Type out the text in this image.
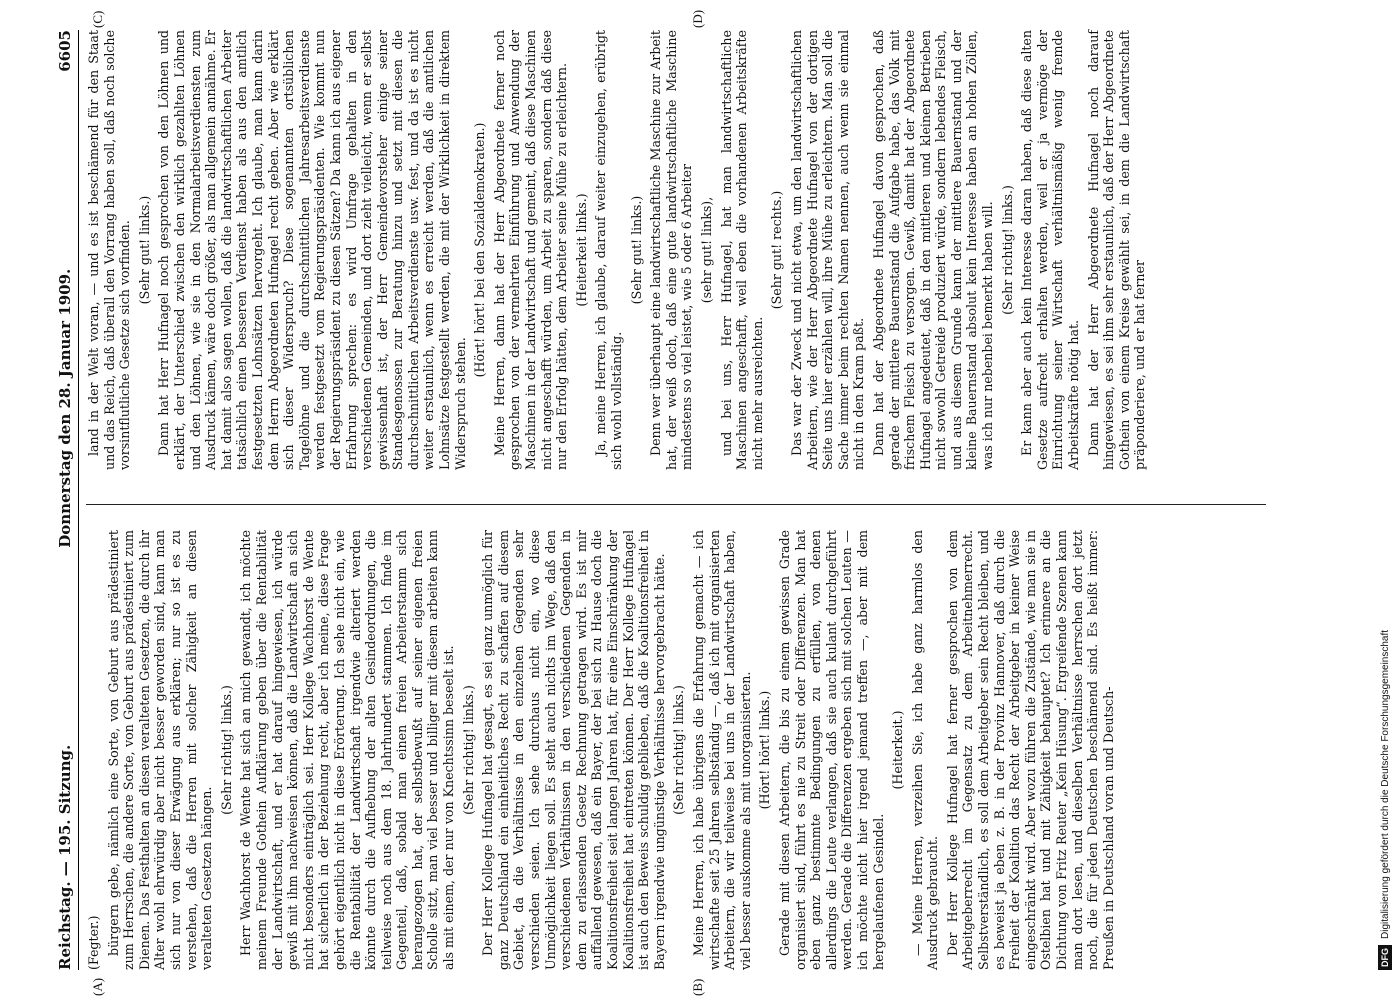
Reichstag. — 195. Sitzung.
Donnerstag den 28. Januar 1909.
6605
(A)	(B)
(C)	(D)

(Fegter.) bürgern gebe, nämlich eine Sorte, von Geburt aus prädestiniert zum Herrschen, die andere Sorte, von Geburt aus prädestiniert zum Dienen. Das Festhalten an diesen veralteten Gesetzen, die durch ihr Alter wohl ehrwürdig aber nicht besser geworden sind, kann man sich nur von dieser Erwägung aus erklären; nur so ist es zu verstehen, daß die Herren mit solcher Zähigkeit an diesen veralteten Gesetzen hängen.

(Sehr richtig! links.) Herr Wachhorst de Wente hat sich an mich gewandt, ich möchte meinem Freunde Gothein Aufklärung geben über die Rentabilität der Landwirtschaft, und er hat darauf hingewiesen, ich würde gewiß mit ihm nachweisen können, daß die Landwirtschaft an sich nicht besonders einträglich sei. Herr Kollege Wachhorst de Wente hat sicherlich in der Beziehung recht, aber ich meine, diese Frage gehört eigentlich nicht in diese Erörterung. Ich sehe nicht ein, wie die Rentabilität der Landwirtschaft irgendwie alteriert werden könnte durch die Aufhebung der alten Gesindeordnungen, die teilweise noch aus dem 18. Jahrhundert stammen. Ich finde im Gegenteil, daß, sobald man einen freien Arbeiterstamm sich herangezogen hat, der selbstbewußt auf seiner eigenen freien Scholle sitzt, man viel besser und billiger mit diesem arbeiten kann als mit einem, der nur von Knechtssinn beseelt ist. (Sehr richtig! links.) Der Herr Kollege Hufnagel hat gesagt, es sei ganz unmöglich für ganz Deutschland ein einheitliches Recht zu schaffen auf diesem Gebiet, da die Verhältnisse in den einzelnen Gegenden sehr verschieden seien. Ich sehe durchaus nicht ein, wo diese Unmöglichkeit liegen soll. Es steht auch nichts im Wege, daß den verschiedenen Verhältnissen in den verschiedenen Gegenden in dem zu erlassenden Gesetz Rechnung getragen wird. Es ist mir auffallend gewesen, daß ein Bayer, der bei sich zu Hause doch die Koalitionsfreiheit seit langen Jahren hat, für eine Einschränkung der Koalitionsfreiheit hat eintreten können. Der Herr Kollege Hufnagel ist auch den Beweis schuldig geblieben, daß die Koalitionsfreiheit in Bayern irgendwie ungünstige Verhältnisse hervorgebracht hätte. (Sehr richtig! links.) Meine Herren, ich habe übrigens die Erfahrung gemacht — ich wirtschafte seit 25 Jahren selbständig —, daß ich mit organisierten Arbeitern, die wir teilweise bei uns in der Landwirtschaft haben, viel besser auskomme als mit unorganisierten. (Hört! hört! links.) Gerade mit diesen Arbeitern, die bis zu einem gewissen Grade organisiert sind, führt es nie zu Streit oder Differenzen. Man hat eben ganz bestimmte Bedingungen zu erfüllen, von denen allerdings die Leute verlangen, daß sie auch kulant durchgeführt werden. Gerade die Differenzen ergeben sich mit solchen Leuten — ich möchte nicht hier irgend jemand treffen —, aber mit dem hergelaufenen Gesindel.

(Heiterkeit.) — Meine Herren, verzeihen Sie, ich habe ganz harmlos den Ausdruck gebraucht. Der Herr Kollege Hufnagel hat ferner gesprochen von dem Arbeitgeberrecht im Gegensatz zu dem Arbeitnehmerrecht. Selbstverständlich, es soll dem Arbeitgeber sein Recht bleiben, und es beweist ja eben z. B. in der Provinz Hannover, daß durch die Freiheit der Koalition das Recht der Arbeitgeber in keiner Weise eingeschränkt wird. Aber wozu führen die Zustände, wie man sie in Ostelbien hat und mit Zähigkeit behauptet? Ich erinnere an die Dichtung von Fritz Reuter „Kein Hüsung“. Ergreifende Szenen kann man dort lesen, und dieselben Verhältnisse herrschen dort jetzt noch, die für jeden Deutschen beschämend sind. Es heißt immer: Preußen in Deutschland voran und Deutsch-

land in der Welt voran, — und es ist beschämend für den Staat und das Reich, daß überall den Vorrang haben soll, daß noch solche vorsintflutliche Gesetze sich vorfinden. (Sehr gut! links.) Dann hat Herr Hufnagel noch gesprochen von den Löhnen und erklärt, der Unterschied zwischen den wirklich gezahlten Löhnen und den Löhnen, wie sie in den Normalarbeitsverdiensten zum Ausdruck kämen, wäre doch größer, als man allgemein annähme. Er hat damit also sagen wollen, daß die landwirtschaftlichen Arbeiter tatsächlich einen besseren Verdienst haben als aus den amtlich festgesetzten Lohnsätzen hervorgeht. Ich glaube, man kann darin dem Herrn Abgeordneten Hufnagel recht geben. Aber wie erklärt sich dieser Widerspruch? Diese sogenannten ortsüblichen Tagelöhne und die durchschnittlichen Jahresarbeitsverdienste werden festgesetzt vom Regierungspräsidenten. Wie kommt nun der Regierungspräsident zu diesen Sätzen? Da kann ich aus eigener Erfahrung sprechen: es wird Umfrage gehalten in den verschiedenen Gemeinden, und dort zieht vielleicht, wenn er selbst gewissenhaft ist, der Herr Gemeindevorsteher einige seiner Standesgenossen zur Beratung hinzu und setzt mit diesen die durchschnittlichen Arbeitsverdienste usw. fest, und da ist es nicht weiter erstaunlich, wenn es erreicht werden, daß die amtlichen Lohnsätze festgestellt werden, die mit der Wirklichkeit in direktem Widerspruch stehen.

(Hört! hört! bei den Sozialdemokraten.) Meine Herren, dann hat der Herr Abgeordnete ferner noch gesprochen von der vermehrten Einführung und Anwendung der Maschinen in der Landwirtschaft und gemeint, daß diese Maschinen nicht angeschafft würden, um Arbeit zu sparen, sondern daß diese nur den Erfolg hätten, dem Arbeiter seine Mühe zu erleichtern. (Heiterkeit links.) Ja, meine Herren, ich glaube, darauf weiter einzugehen, erübrigt sich wohl vollständig.

(Sehr gut! links.) Denn wer überhaupt eine landwirtschaftliche Maschine zur Arbeit hat, der weiß doch, daß eine gute landwirtschaftliche Maschine mindestens so viel leistet, wie 5 oder 6 Arbeiter (sehr gut! links), und bei uns, Herr Hufnagel, hat man landwirtschaftliche Maschinen angeschafft, weil eben die vorhandenen Arbeitskräfte nicht mehr ausreichten.

(Sehr gut! rechts.) Das war der Zweck und nicht etwa, um den landwirtschaftlichen Arbeitern, wie der Herr Abgeordnete Hufnagel von der dortigen Seite uns hier erzählen will, ihre Mühe zu erleichtern. Man soll die Sache immer beim rechten Namen nennen, auch wenn sie einmal nicht in den Kram paßt. Dann hat der Abgeordnete Hufnagel davon gesprochen, daß gerade der mittlere Bauernstand die Aufgabe habe, das Volk mit frischem Fleisch zu versorgen. Gewiß, damit hat der Abgeordnete Hufnagel angedeutet, daß in den mittleren und kleinen Betrieben nicht sowohl Getreide produziert würde, sondern lebendes Fleisch, und aus diesem Grunde kann der mittlere Bauernstand und der kleine Bauernstand absolut kein Interesse haben an hohen Zöllen, was ich nur nebenbei bemerkt haben will. (Sehr richtig! links.) Er kann aber auch kein Interesse daran haben, daß diese alten Gesetze aufrecht erhalten werden, weil er ja vermöge der Einrichtung seiner Wirtschaft verhältnismäßig wenig fremde Arbeitskräfte nötig hat. Dann hat der Herr Abgeordnete Hufnagel noch darauf hingewiesen, es sei ihm sehr erstaunlich, daß der Herr Abgeordnete Gothein von einem Kreise gewählt sei, in dem die Landwirtschaft präponderiere, und er hat ferner

DFG
Digitalisierung gefördert durch die Deutsche Forschungsgemeinschaft
